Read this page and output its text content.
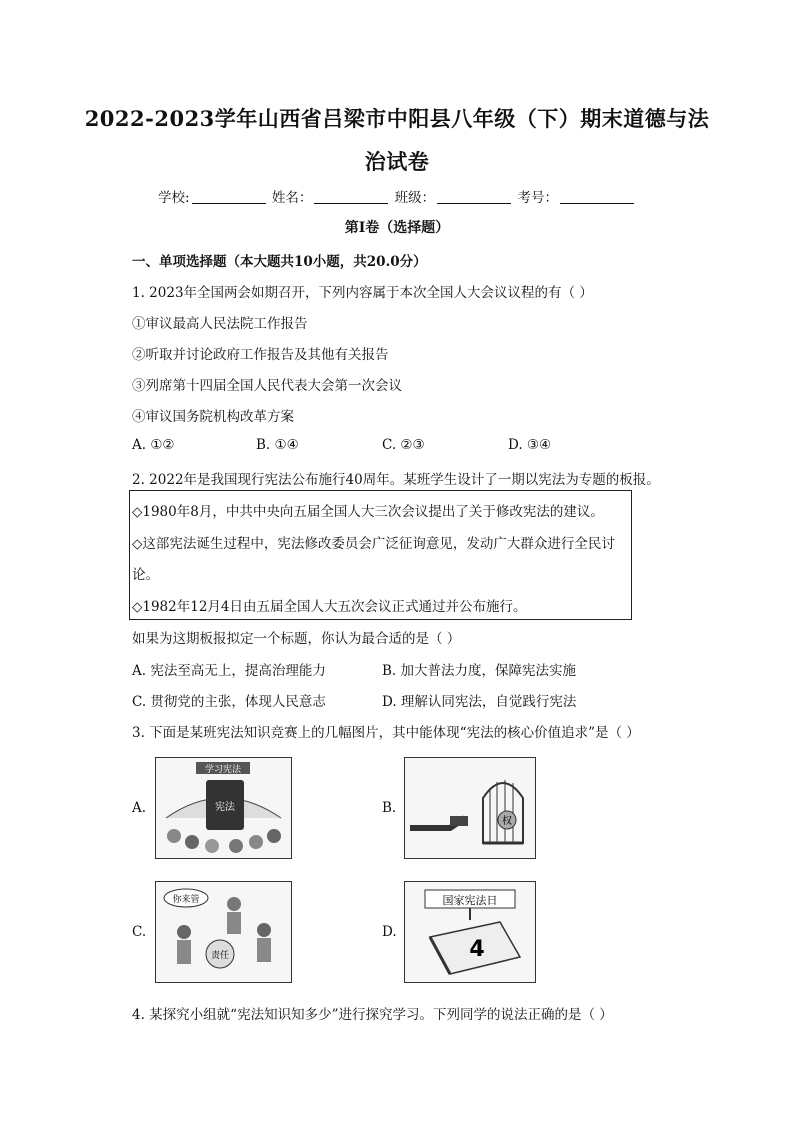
2022-2023学年山西省吕梁市中阳县八年级（下）期末道德与法
治试卷
学校:	姓名：	班级：	考号：
第I卷（选择题）
一、单项选择题（本大题共10小题，共20.0分）
1. 2023年全国两会如期召开，下列内容属于本次全国人大会议议程的有（ ）
①审议最高人民法院工作报告
②听取并讨论政府工作报告及其他有关报告
③列席第十四届全国人民代表大会第一次会议
④审议国务院机构改革方案
A. ①②	B. ①④	C. ②③	D. ③④
2. 2022年是我国现行宪法公布施行40周年。某班学生设计了一期以宪法为专题的板报。
◇1980年8月，中共中央向五届全国人大三次会议提出了关于修改宪法的建议。
◇这部宪法诞生过程中，宪法修改委员会广泛征询意见，发动广大群众进行全民讨
论。
◇1982年12月4日由五届全国人大五次会议正式通过并公布施行。
如果为这期板报拟定一个标题，你认为最合适的是（ ）
A. 宪法至高无上，提高治理能力	B. 加大普法力度，保障宪法实施
C. 贯彻党的主张，体现人民意志	D. 理解认同宪法，自觉践行宪法
3. 下面是某班宪法知识竞赛上的几幅图片，其中能体现“宪法的核心价值追求”是（ ）
A.
学习宪法
宪法	B.
权
C.
你来管
责任
D.
国家宪法日
4
4. 某探究小组就“宪法知识知多少”进行探究学习。下列同学的说法正确的是（ ）
